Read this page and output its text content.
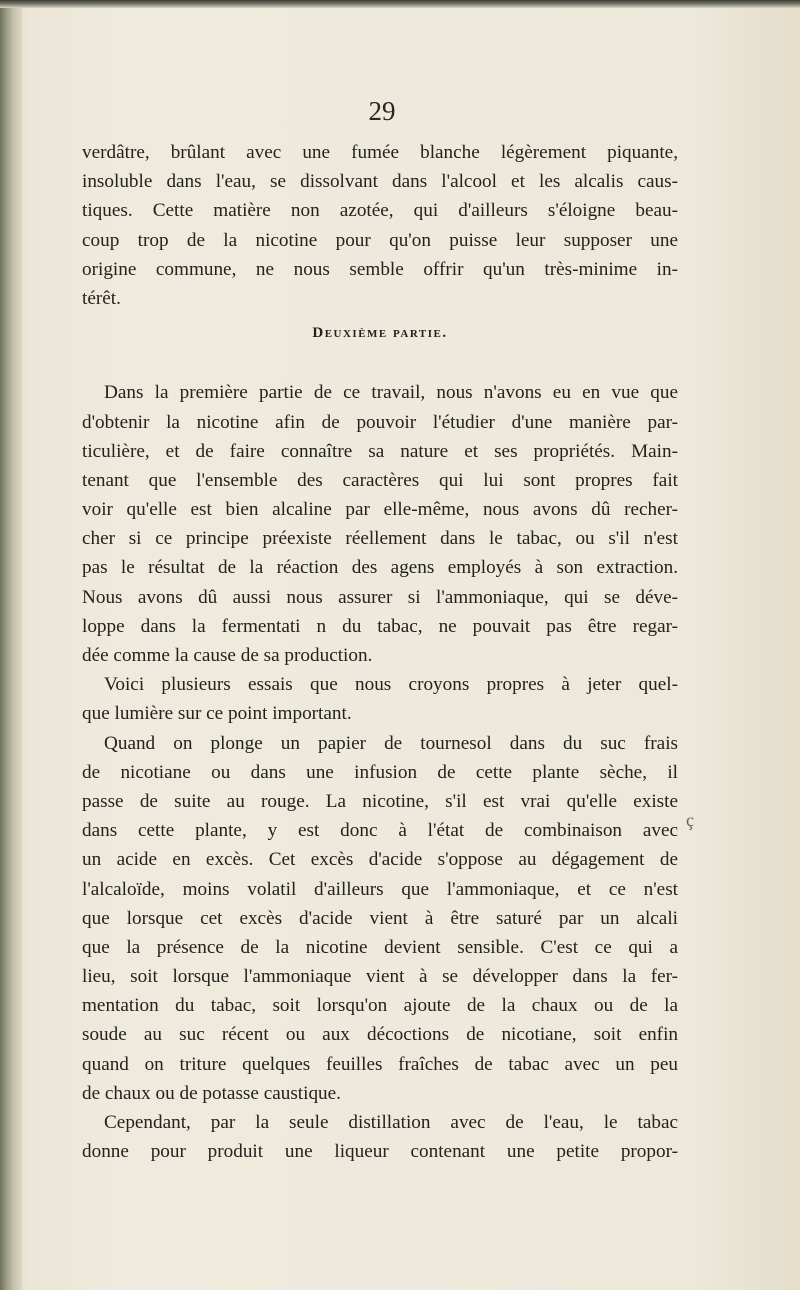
29
verdâtre, brûlant avec une fumée blanche légèrement piquante,
insoluble dans l'eau, se dissolvant dans l'alcool et les alcalis caus-
tiques. Cette matière non azotée, qui d'ailleurs s'éloigne beau-
coup trop de la nicotine pour qu'on puisse leur supposer une
origine commune, ne nous semble offrir qu'un très-minime in-
térêt.
Deuxième partie.
Dans la première partie de ce travail, nous n'avons eu en vue que
d'obtenir la nicotine afin de pouvoir l'étudier d'une manière par-
ticulière, et de faire connaître sa nature et ses propriétés. Main-
tenant que l'ensemble des caractères qui lui sont propres fait
voir qu'elle est bien alcaline par elle-même, nous avons dû recher-
cher si ce principe préexiste réellement dans le tabac, ou s'il n'est
pas le résultat de la réaction des agens employés à son extraction.
Nous avons dû aussi nous assurer si l'ammoniaque, qui se déve-
loppe dans la fermentati n du tabac, ne pouvait pas être regar-
dée comme la cause de sa production.
Voici plusieurs essais que nous croyons propres à jeter quel-
que lumière sur ce point important.
Quand on plonge un papier de tournesol dans du suc frais
de nicotiane ou dans une infusion de cette plante sèche, il
passe de suite au rouge. La nicotine, s'il est vrai qu'elle existe
dans cette plante, y est donc à l'état de combinaison avec
un acide en excès. Cet excès d'acide s'oppose au dégagement de
l'alcaloïde, moins volatil d'ailleurs que l'ammoniaque, et ce n'est
que lorsque cet excès d'acide vient à être saturé par un alcali
que la présence de la nicotine devient sensible. C'est ce qui a
lieu, soit lorsque l'ammoniaque vient à se développer dans la fer-
mentation du tabac, soit lorsqu'on ajoute de la chaux ou de la
soude au suc récent ou aux décoctions de nicotiane, soit enfin
quand on triture quelques feuilles fraîches de tabac avec un peu
de chaux ou de potasse caustique.
Cependant, par la seule distillation avec de l'eau, le tabac
donne pour produit une liqueur contenant une petite propor-
ç
